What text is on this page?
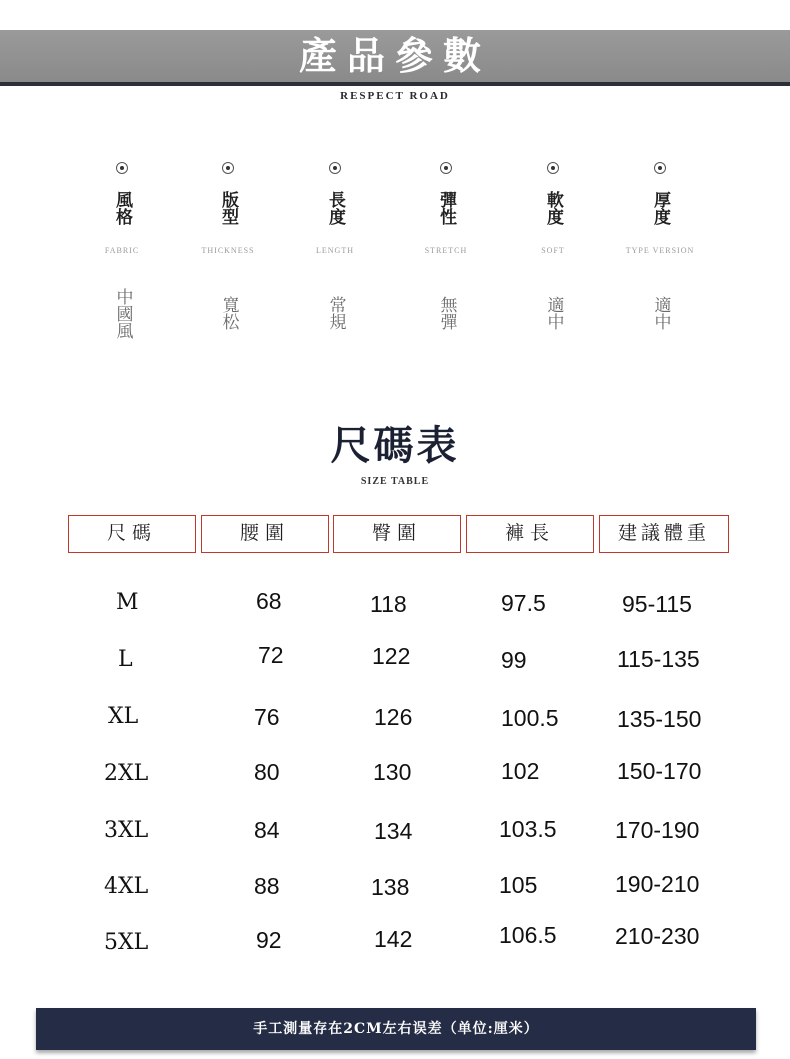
產品參數
RESPECT ROAD
風格
FABRIC
中國風
版型
THICKNESS
寬松
長度
LENGTH
常規
彈性
STRETCH
無彈
軟度
SOFT
適中
厚度
TYPE VERSION
適中
尺碼表
SIZE TABLE
尺碼	腰圍	臀圍	褲長	建議體重
M	68	118	97.5	95-115
L	72	122	99	115-135
XL	76	126	100.5	135-150
2XL	80	130	102	150-170
3XL	84	134	103.5	170-190
4XL	88	138	105	190-210
5XL	92	142	106.5	210-230
手工測量存在2CM左右误差（单位:厘米）
